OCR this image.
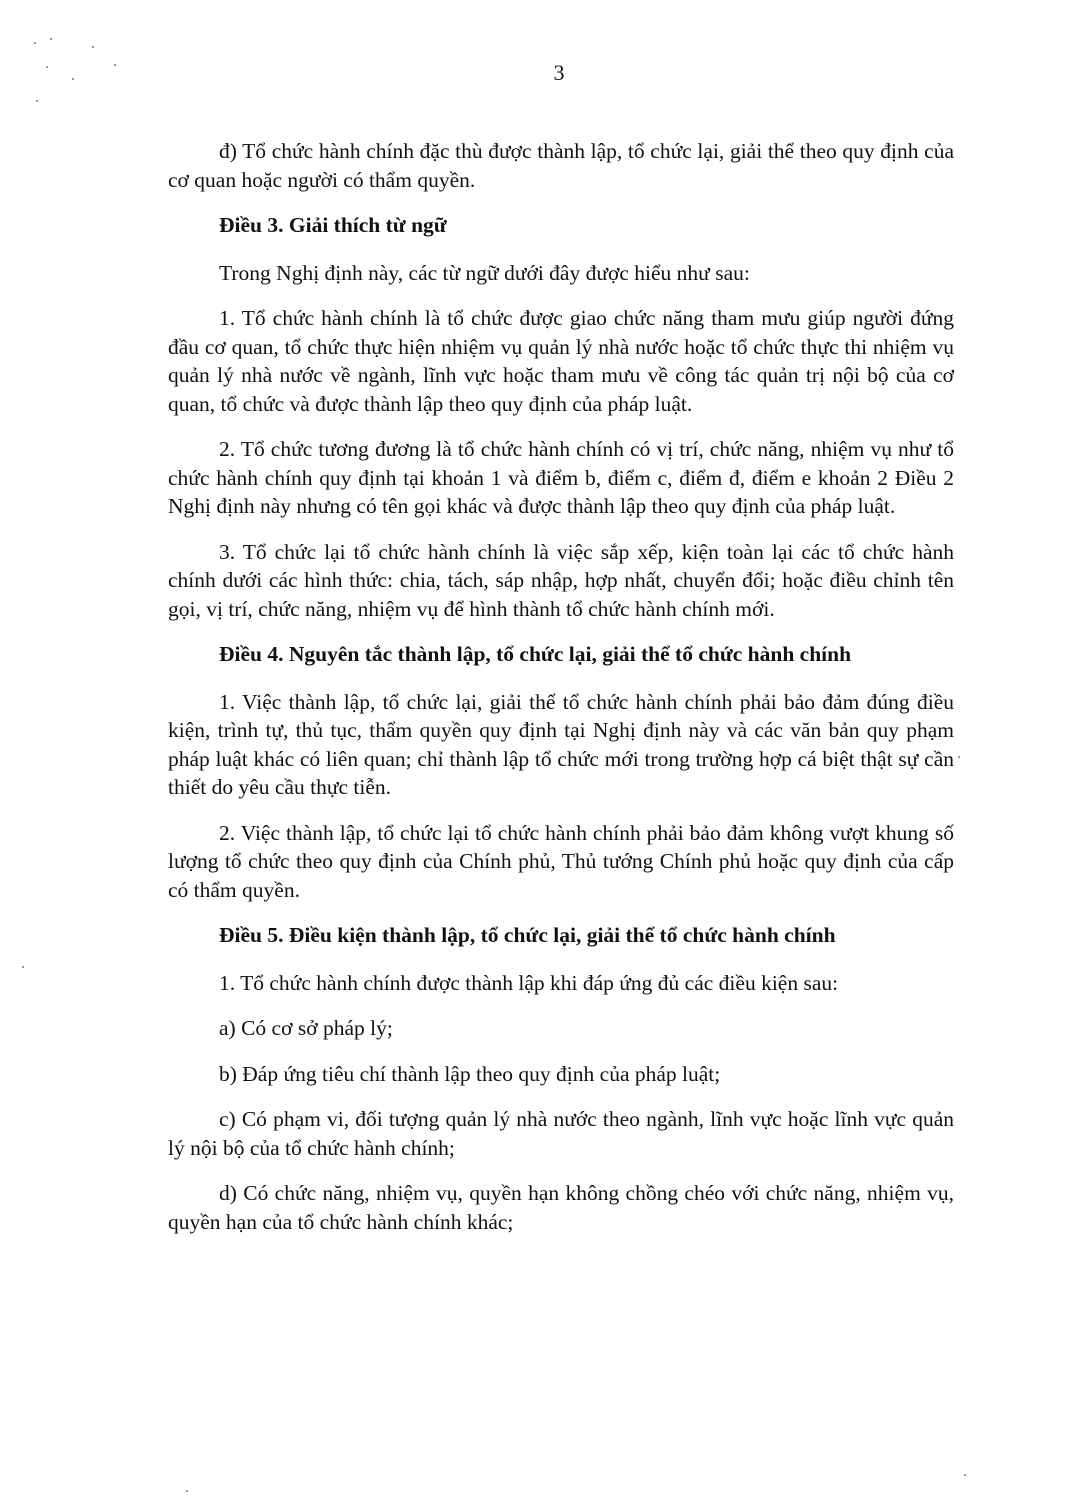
3

đ) Tổ chức hành chính đặc thù được thành lập, tổ chức lại, giải thể theo quy định của cơ quan hoặc người có thẩm quyền.

Điều 3. Giải thích từ ngữ

Trong Nghị định này, các từ ngữ dưới đây được hiểu như sau:

1. Tổ chức hành chính là tổ chức được giao chức năng tham mưu giúp người đứng đầu cơ quan, tổ chức thực hiện nhiệm vụ quản lý nhà nước hoặc tổ chức thực thi nhiệm vụ quản lý nhà nước về ngành, lĩnh vực hoặc tham mưu về công tác quản trị nội bộ của cơ quan, tổ chức và được thành lập theo quy định của pháp luật.

2. Tổ chức tương đương là tổ chức hành chính có vị trí, chức năng, nhiệm vụ như tổ chức hành chính quy định tại khoản 1 và điểm b, điểm c, điểm đ, điểm e khoản 2 Điều 2 Nghị định này nhưng có tên gọi khác và được thành lập theo quy định của pháp luật.

3. Tổ chức lại tổ chức hành chính là việc sắp xếp, kiện toàn lại các tổ chức hành chính dưới các hình thức: chia, tách, sáp nhập, hợp nhất, chuyển đổi; hoặc điều chỉnh tên gọi, vị trí, chức năng, nhiệm vụ để hình thành tổ chức hành chính mới.

Điều 4. Nguyên tắc thành lập, tổ chức lại, giải thể tổ chức hành chính

1. Việc thành lập, tổ chức lại, giải thể tổ chức hành chính phải bảo đảm đúng điều kiện, trình tự, thủ tục, thẩm quyền quy định tại Nghị định này và các văn bản quy phạm pháp luật khác có liên quan; chỉ thành lập tổ chức mới trong trường hợp cá biệt thật sự cần thiết do yêu cầu thực tiễn.

2. Việc thành lập, tổ chức lại tổ chức hành chính phải bảo đảm không vượt khung số lượng tổ chức theo quy định của Chính phủ, Thủ tướng Chính phủ hoặc quy định của cấp có thẩm quyền.

Điều 5. Điều kiện thành lập, tổ chức lại, giải thể tổ chức hành chính

1. Tổ chức hành chính được thành lập khi đáp ứng đủ các điều kiện sau:

a) Có cơ sở pháp lý;

b) Đáp ứng tiêu chí thành lập theo quy định của pháp luật;

c) Có phạm vi, đối tượng quản lý nhà nước theo ngành, lĩnh vực hoặc lĩnh vực quản lý nội bộ của tổ chức hành chính;

d) Có chức năng, nhiệm vụ, quyền hạn không chồng chéo với chức năng, nhiệm vụ, quyền hạn của tổ chức hành chính khác;
